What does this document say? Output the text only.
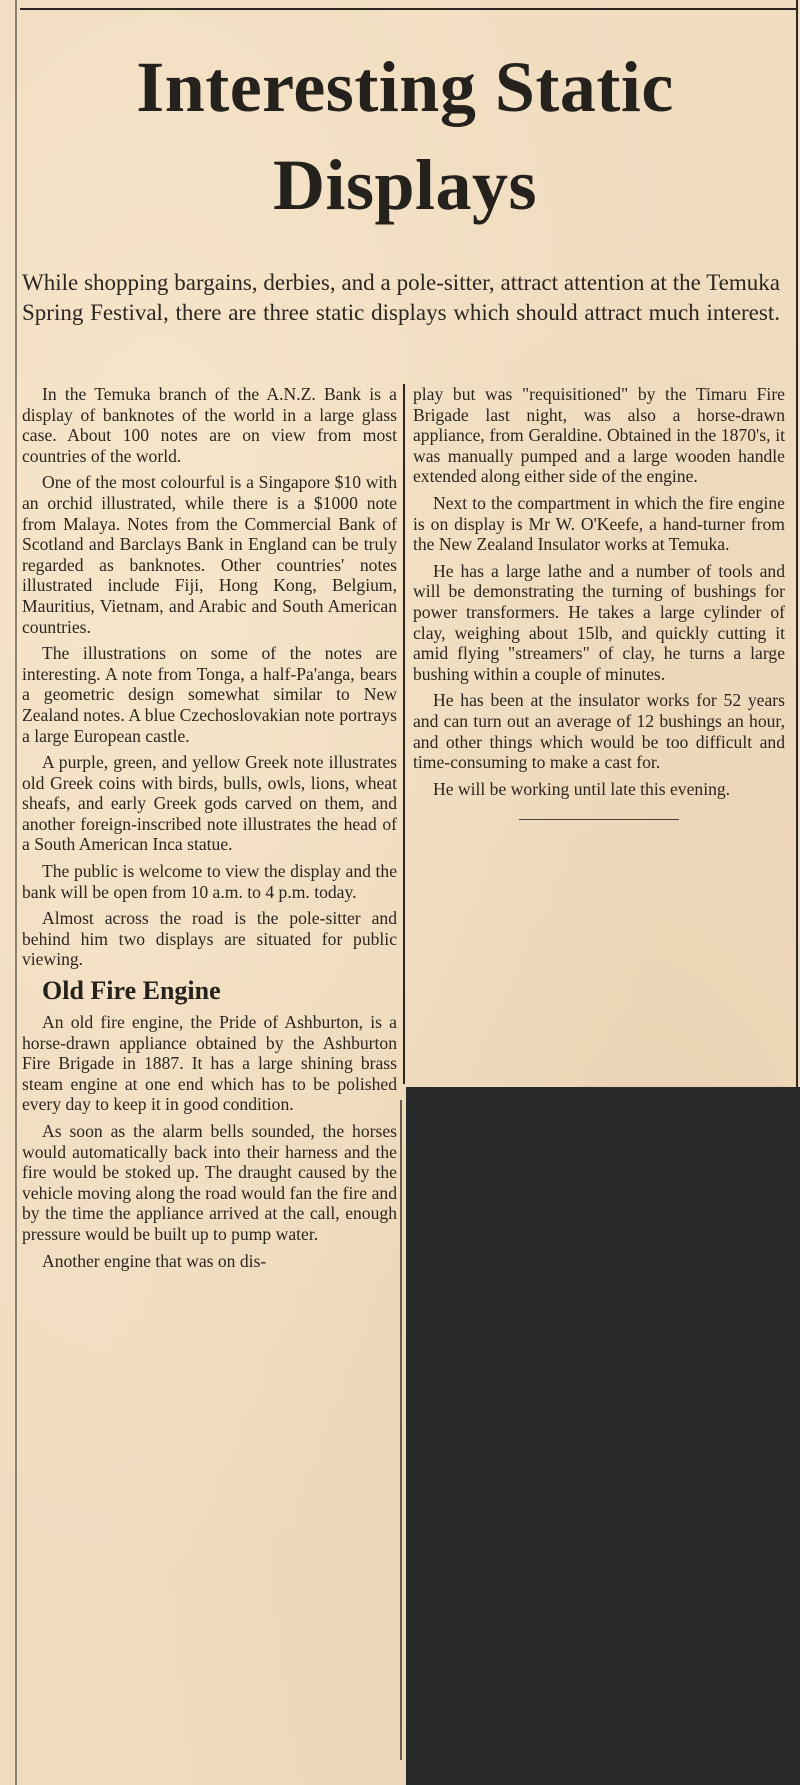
Interesting Static
Displays
While shopping bargains, derbies, and a pole-sitter, attract attention at the Temuka Spring Festival, there are three static displays which should attract much interest.

In the Temuka branch of the A.N.Z. Bank is a display of banknotes of the world in a large glass case. About 100 notes are on view from most countries of the world.

One of the most colourful is a Singapore $10 with an orchid illustrated, while there is a $1000 note from Malaya. Notes from the Commercial Bank of Scotland and Barclays Bank in England can be truly regarded as banknotes. Other countries' notes illustrated include Fiji, Hong Kong, Belgium, Mauritius, Vietnam, and Arabic and South American countries.

The illustrations on some of the notes are interesting. A note from Tonga, a half-Pa'anga, bears a geometric design somewhat similar to New Zealand notes. A blue Czechoslovakian note portrays a large European castle.

A purple, green, and yellow Greek note illustrates old Greek coins with birds, bulls, owls, lions, wheat sheafs, and early Greek gods carved on them, and another foreign-inscribed note illustrates the head of a South American Inca statue.

The public is welcome to view the display and the bank will be open from 10 a.m. to 4 p.m. today.

Almost across the road is the pole-sitter and behind him two displays are situated for public viewing.

Old Fire Engine

An old fire engine, the Pride of Ashburton, is a horse-drawn appliance obtained by the Ashburton Fire Brigade in 1887. It has a large shining brass steam engine at one end which has to be polished every day to keep it in good condition.

As soon as the alarm bells sounded, the horses would automatically back into their harness and the fire would be stoked up. The draught caused by the vehicle moving along the road would fan the fire and by the time the appliance arrived at the call, enough pressure would be built up to pump water.

Another engine that was on dis-

play but was "requisitioned" by the Timaru Fire Brigade last night, was also a horse-drawn appliance, from Geraldine. Obtained in the 1870's, it was manually pumped and a large wooden handle extended along either side of the engine.

Next to the compartment in which the fire engine is on display is Mr W. O'Keefe, a hand-turner from the New Zealand Insulator works at Temuka.

He has a large lathe and a number of tools and will be demonstrating the turning of bushings for power transformers. He takes a large cylinder of clay, weighing about 15lb, and quickly cutting it amid flying "streamers" of clay, he turns a large bushing within a couple of minutes.

He has been at the insulator works for 52 years and can turn out an average of 12 bushings an hour, and other things which would be too difficult and time-consuming to make a cast for.

He will be working until late this evening.
